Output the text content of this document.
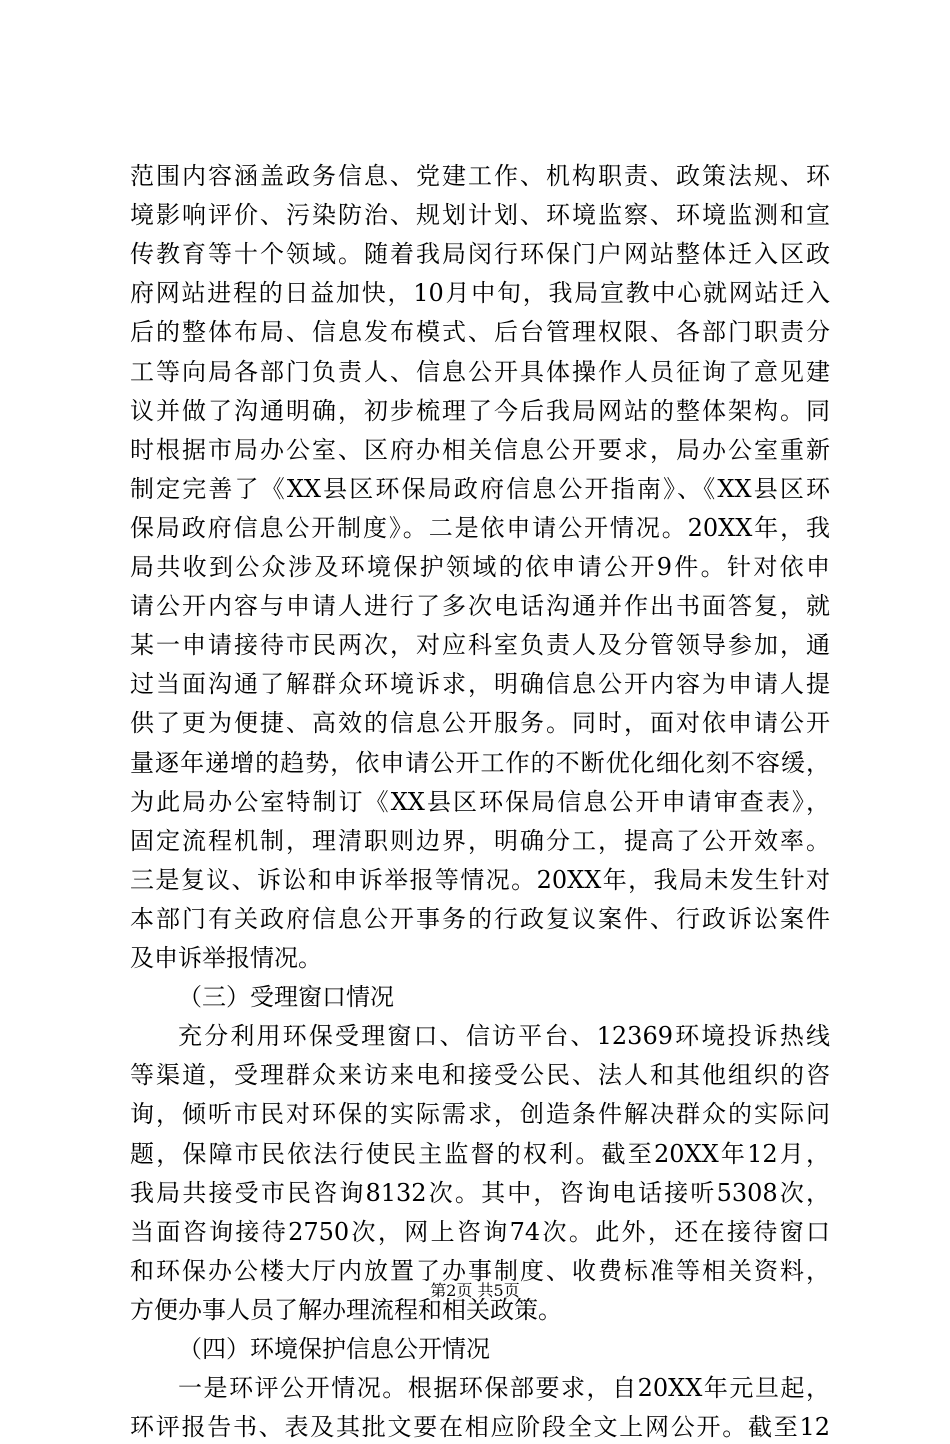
范围内容涵盖政务信息、党建工作、机构职责、政策法规、环
境影响评价、污染防治、规划计划、环境监察、环境监测和宣
传教育等十个领域。随着我局闵行环保门户网站整体迁入区政
府网站进程的日益加快，10月中旬，我局宣教中心就网站迁入
后的整体布局、信息发布模式、后台管理权限、各部门职责分
工等向局各部门负责人、信息公开具体操作人员征询了意见建
议并做了沟通明确，初步梳理了今后我局网站的整体架构。同
时根据市局办公室、区府办相关信息公开要求，局办公室重新
制定完善了《XX县区环保局政府信息公开指南》、《XX县区环
保局政府信息公开制度》。二是依申请公开情况。20XX年，我
局共收到公众涉及环境保护领域的依申请公开9件。针对依申
请公开内容与申请人进行了多次电话沟通并作出书面答复，就
某一申请接待市民两次，对应科室负责人及分管领导参加，通
过当面沟通了解群众环境诉求，明确信息公开内容为申请人提
供了更为便捷、高效的信息公开服务。同时，面对依申请公开
量逐年递增的趋势，依申请公开工作的不断优化细化刻不容缓，
为此局办公室特制订《XX县区环保局信息公开申请审查表》，
固定流程机制，理清职则边界，明确分工，提高了公开效率。
三是复议、诉讼和申诉举报等情况。20XX年，我局未发生针对
本部门有关政府信息公开事务的行政复议案件、行政诉讼案件
及申诉举报情况。
（三）受理窗口情况
充分利用环保受理窗口、信访平台、12369环境投诉热线
等渠道，受理群众来访来电和接受公民、法人和其他组织的咨
询，倾听市民对环保的实际需求，创造条件解决群众的实际问
题，保障市民依法行使民主监督的权利。截至20XX年12月，
我局共接受市民咨询8132次。其中，咨询电话接听5308次，
当面咨询接待2750次，网上咨询74次。此外，还在接待窗口
和环保办公楼大厅内放置了办事制度、收费标准等相关资料，
方便办事人员了解办理流程和相关政策。
（四）环境保护信息公开情况
一是环评公开情况。根据环保部要求，自20XX年元旦起，
环评报告书、表及其批文要在相应阶段全文上网公开。截至12
第2页 共5页
